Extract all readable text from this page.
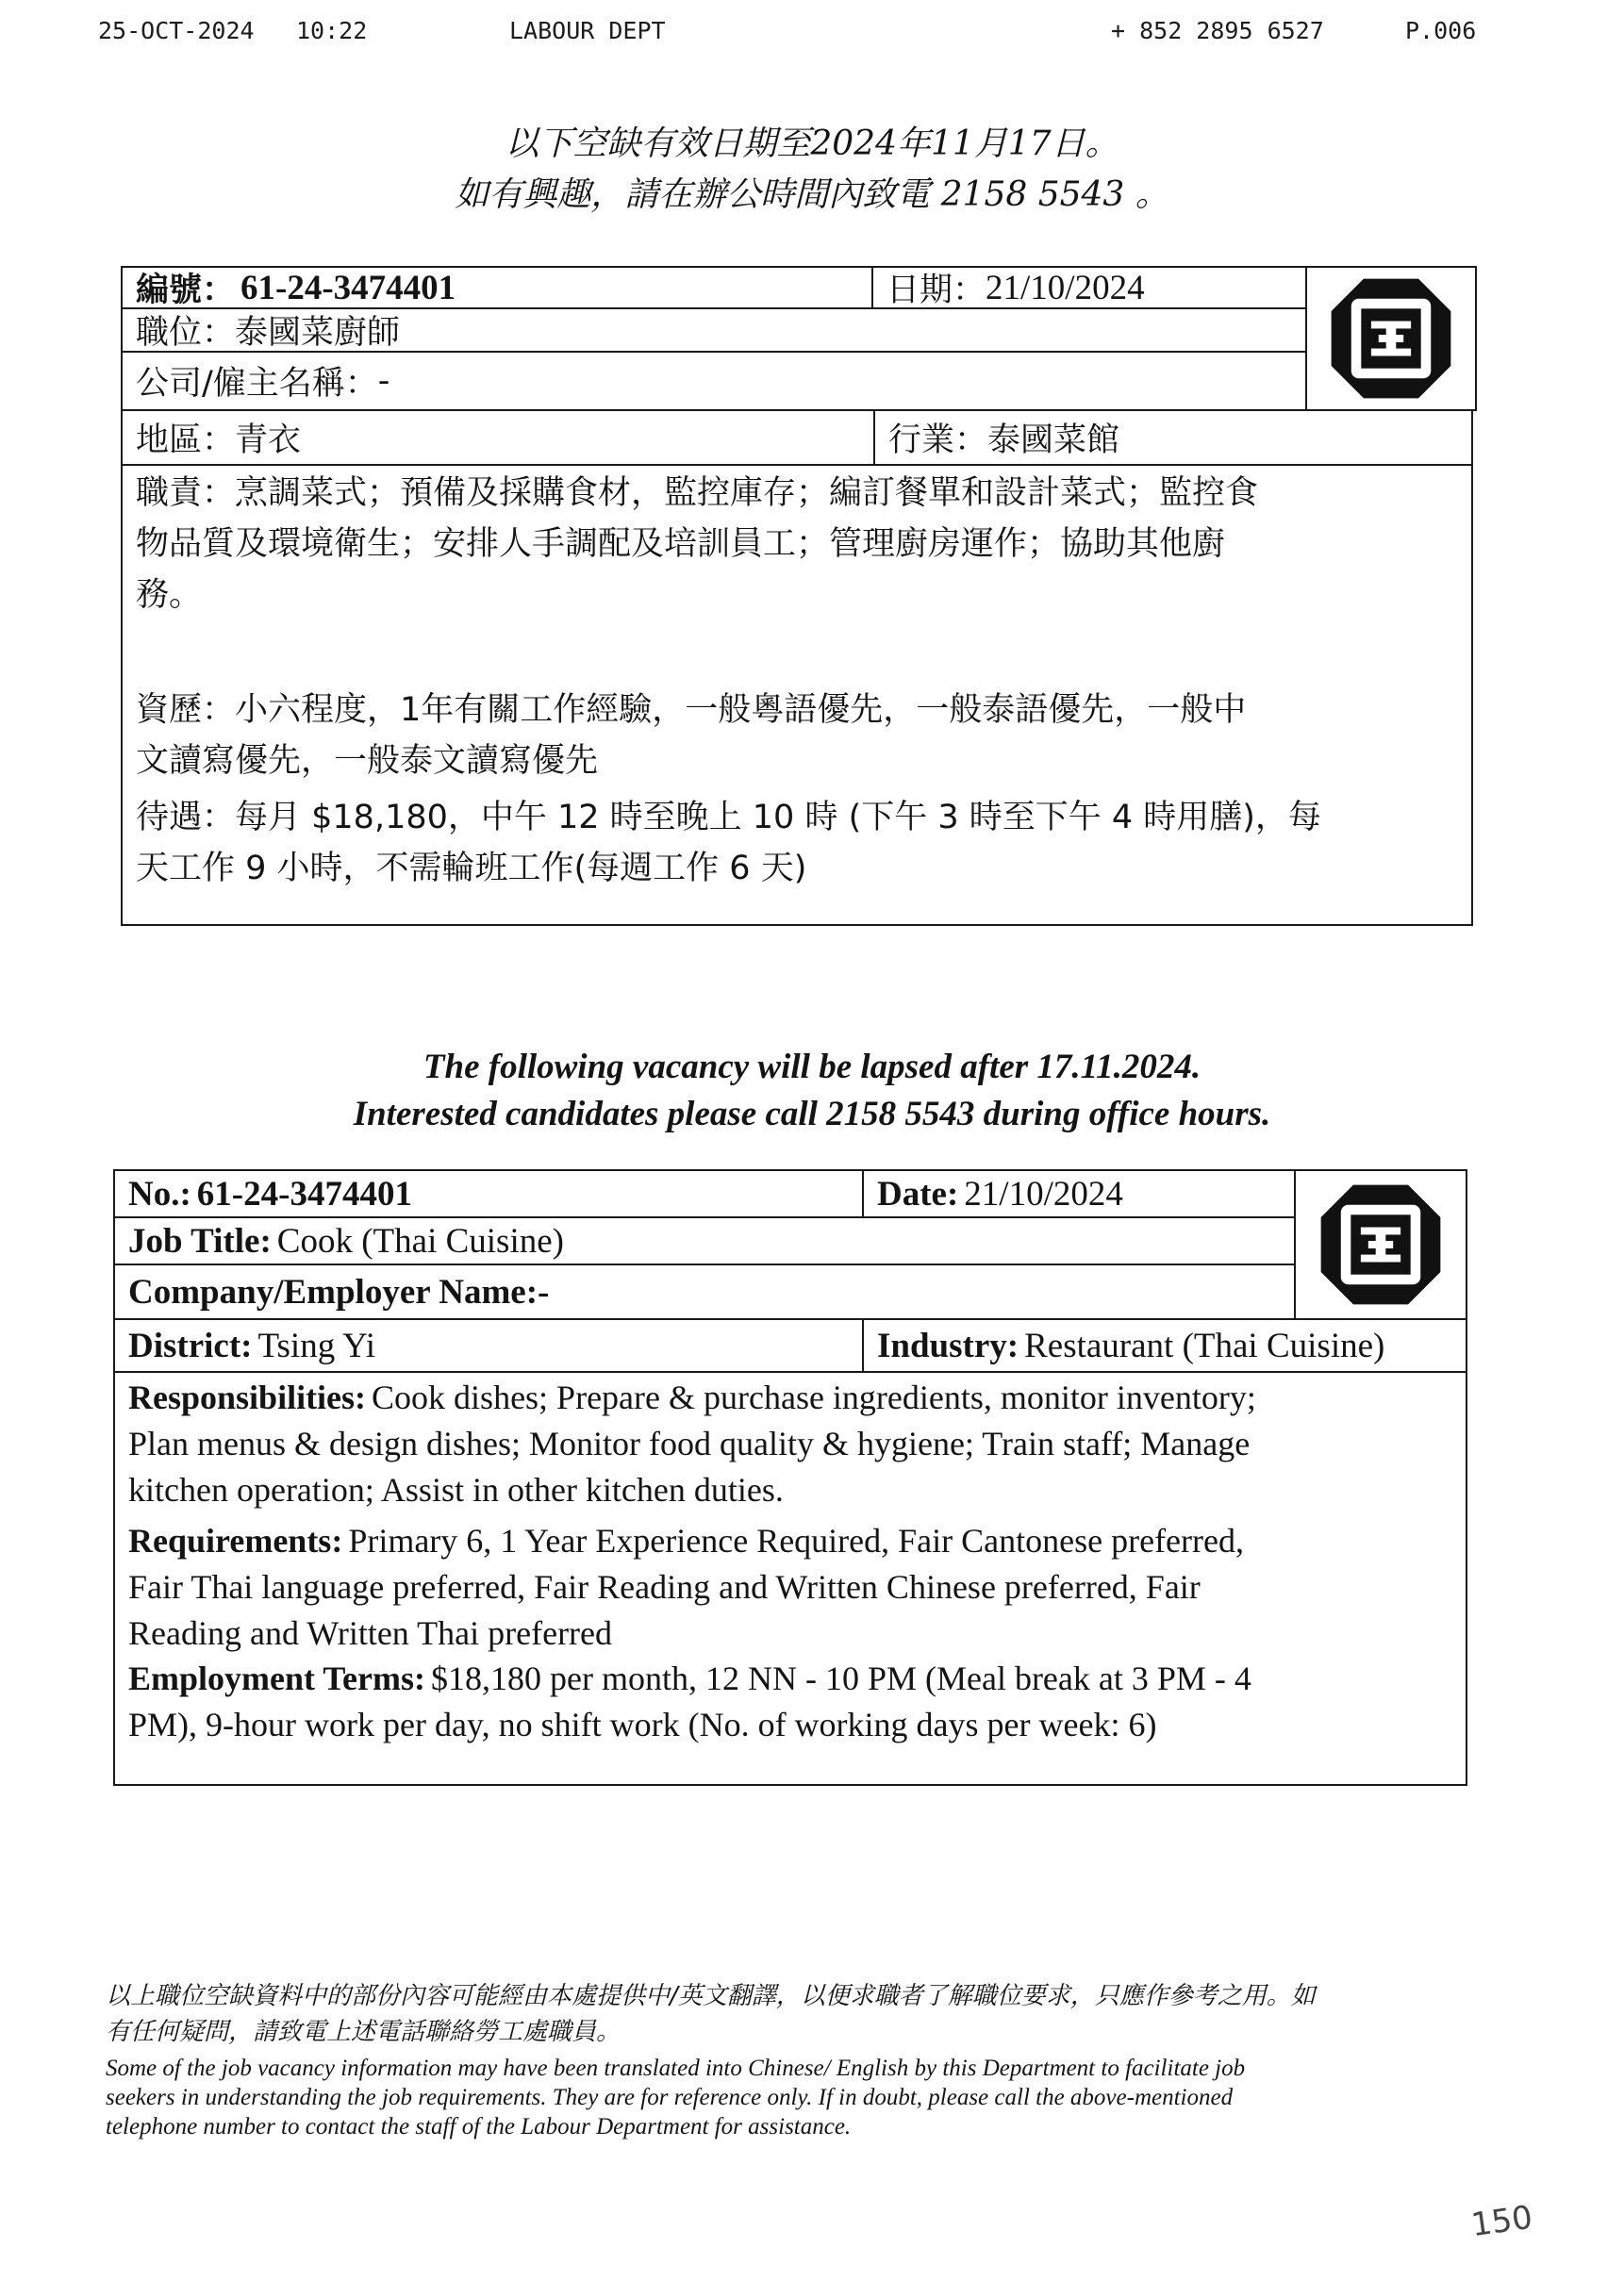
25-OCT-2024 10:22	LABOUR DEPT	+ 852 2895 6527	P.006
以下空缺有效日期至2024年11月17日。
如有興趣，請在辦公時間內致電 2158 5543 。
編號： 61-24-3474401	日期： 21/10/2024
職位： 泰國菜廚師
公司/僱主名稱： -
地區： 青衣	行業： 泰國菜館

職責：烹調菜式；預備及採購食材，監控庫存；編訂餐單和設計菜式；監控食

物品質及環境衛生；安排人手調配及培訓員工；管理廚房運作；協助其他廚

務。

資歷：小六程度，1年有關工作經驗，一般粵語優先，一般泰語優先，一般中

文讀寫優先，一般泰文讀寫優先

待遇：每月 $18,180，中午 12 時至晚上 10 時 (下午 3 時至下午 4 時用膳)，每

天工作 9 小時，不需輪班工作(每週工作 6 天)

The following vacancy will be lapsed after 17.11.2024.
Interested candidates please call 2158 5543 during office hours.
No.: 61-24-3474401	Date: 21/10/2024
Job Title: Cook (Thai Cuisine)
Company/Employer Name: -
District: Tsing Yi	Industry: Restaurant (Thai Cuisine)

Responsibilities: Cook dishes; Prepare & purchase ingredients, monitor inventory;

Plan menus & design dishes; Monitor food quality & hygiene; Train staff; Manage

kitchen operation; Assist in other kitchen duties.

Requirements: Primary 6, 1 Year Experience Required, Fair Cantonese preferred,

Fair Thai language preferred, Fair Reading and Written Chinese preferred, Fair

Reading and Written Thai preferred

Employment Terms: $18,180 per month, 12 NN - 10 PM (Meal break at 3 PM - 4

PM), 9-hour work per day, no shift work (No. of working days per week: 6)

以上職位空缺資料中的部份內容可能經由本處提供中/英文翻譯，以便求職者了解職位要求，只應作參考之用。如
有任何疑問，請致電上述電話聯絡勞工處職員。
Some of the job vacancy information may have been translated into Chinese/ English by this Department to facilitate job
seekers in understanding the job requirements. They are for reference only. If in doubt, please call the above-mentioned
telephone number to contact the staff of the Labour Department for assistance.
150
